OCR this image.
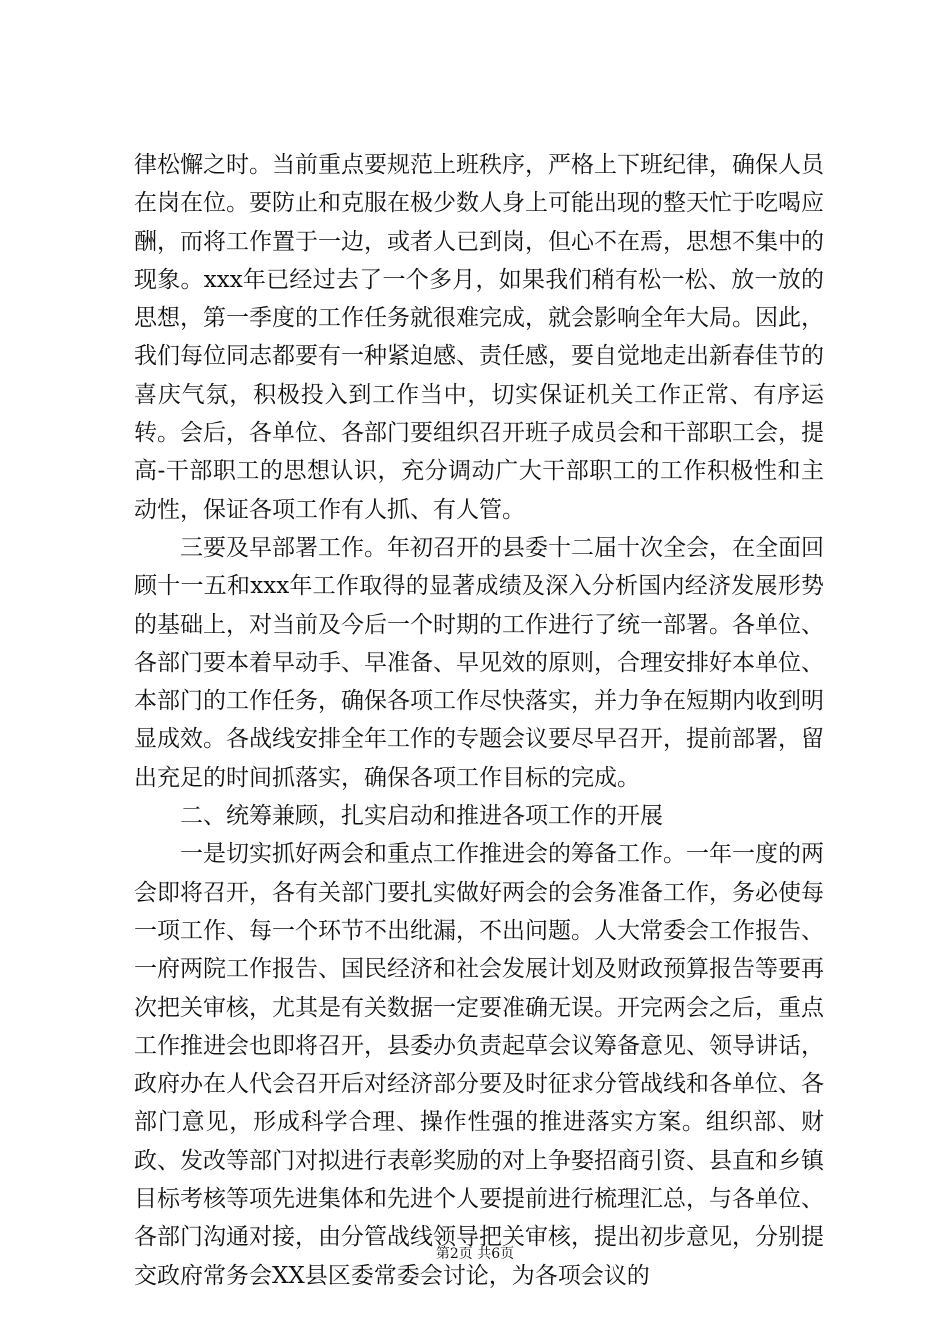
律松懈之时。当前重点要规范上班秩序，严格上下班纪律，确保人员在岗在位。要防止和克服在极少数人身上可能出现的整天忙于吃喝应酬，而将工作置于一边，或者人已到岗，但心不在焉，思想不集中的现象。xxx年已经过去了一个多月，如果我们稍有松一松、放一放的思想，第一季度的工作任务就很难完成，就会影响全年大局。因此，我们每位同志都要有一种紧迫感、责任感，要自觉地走出新春佳节的喜庆气氛，积极投入到工作当中，切实保证机关工作正常、有序运转。会后，各单位、各部门要组织召开班子成员会和干部职工会，提高-干部职工的思想认识，充分调动广大干部职工的工作积极性和主动性，保证各项工作有人抓、有人管。

三要及早部署工作。年初召开的县委十二届十次全会，在全面回顾十一五和xxx年工作取得的显著成绩及深入分析国内经济发展形势的基础上，对当前及今后一个时期的工作进行了统一部署。各单位、各部门要本着早动手、早准备、早见效的原则，合理安排好本单位、本部门的工作任务，确保各项工作尽快落实，并力争在短期内收到明显成效。各战线安排全年工作的专题会议要尽早召开，提前部署，留出充足的时间抓落实，确保各项工作目标的完成。

二、统筹兼顾，扎实启动和推进各项工作的开展

一是切实抓好两会和重点工作推进会的筹备工作。一年一度的两会即将召开，各有关部门要扎实做好两会的会务准备工作，务必使每一项工作、每一个环节不出纰漏，不出问题。人大常委会工作报告、一府两院工作报告、国民经济和社会发展计划及财政预算报告等要再次把关审核，尤其是有关数据一定要准确无误。开完两会之后，重点工作推进会也即将召开，县委办负责起草会议筹备意见、领导讲话，政府办在人代会召开后对经济部分要及时征求分管战线和各单位、各部门意见，形成科学合理、操作性强的推进落实方案。组织部、财政、发改等部门对拟进行表彰奖励的对上争娶招商引资、县直和乡镇目标考核等项先进集体和先进个人要提前进行梳理汇总，与各单位、各部门沟通对接，由分管战线领导把关审核，提出初步意见，分别提交政府常务会XX县区委常委会讨论，为各项会议的

第2页 共6页
